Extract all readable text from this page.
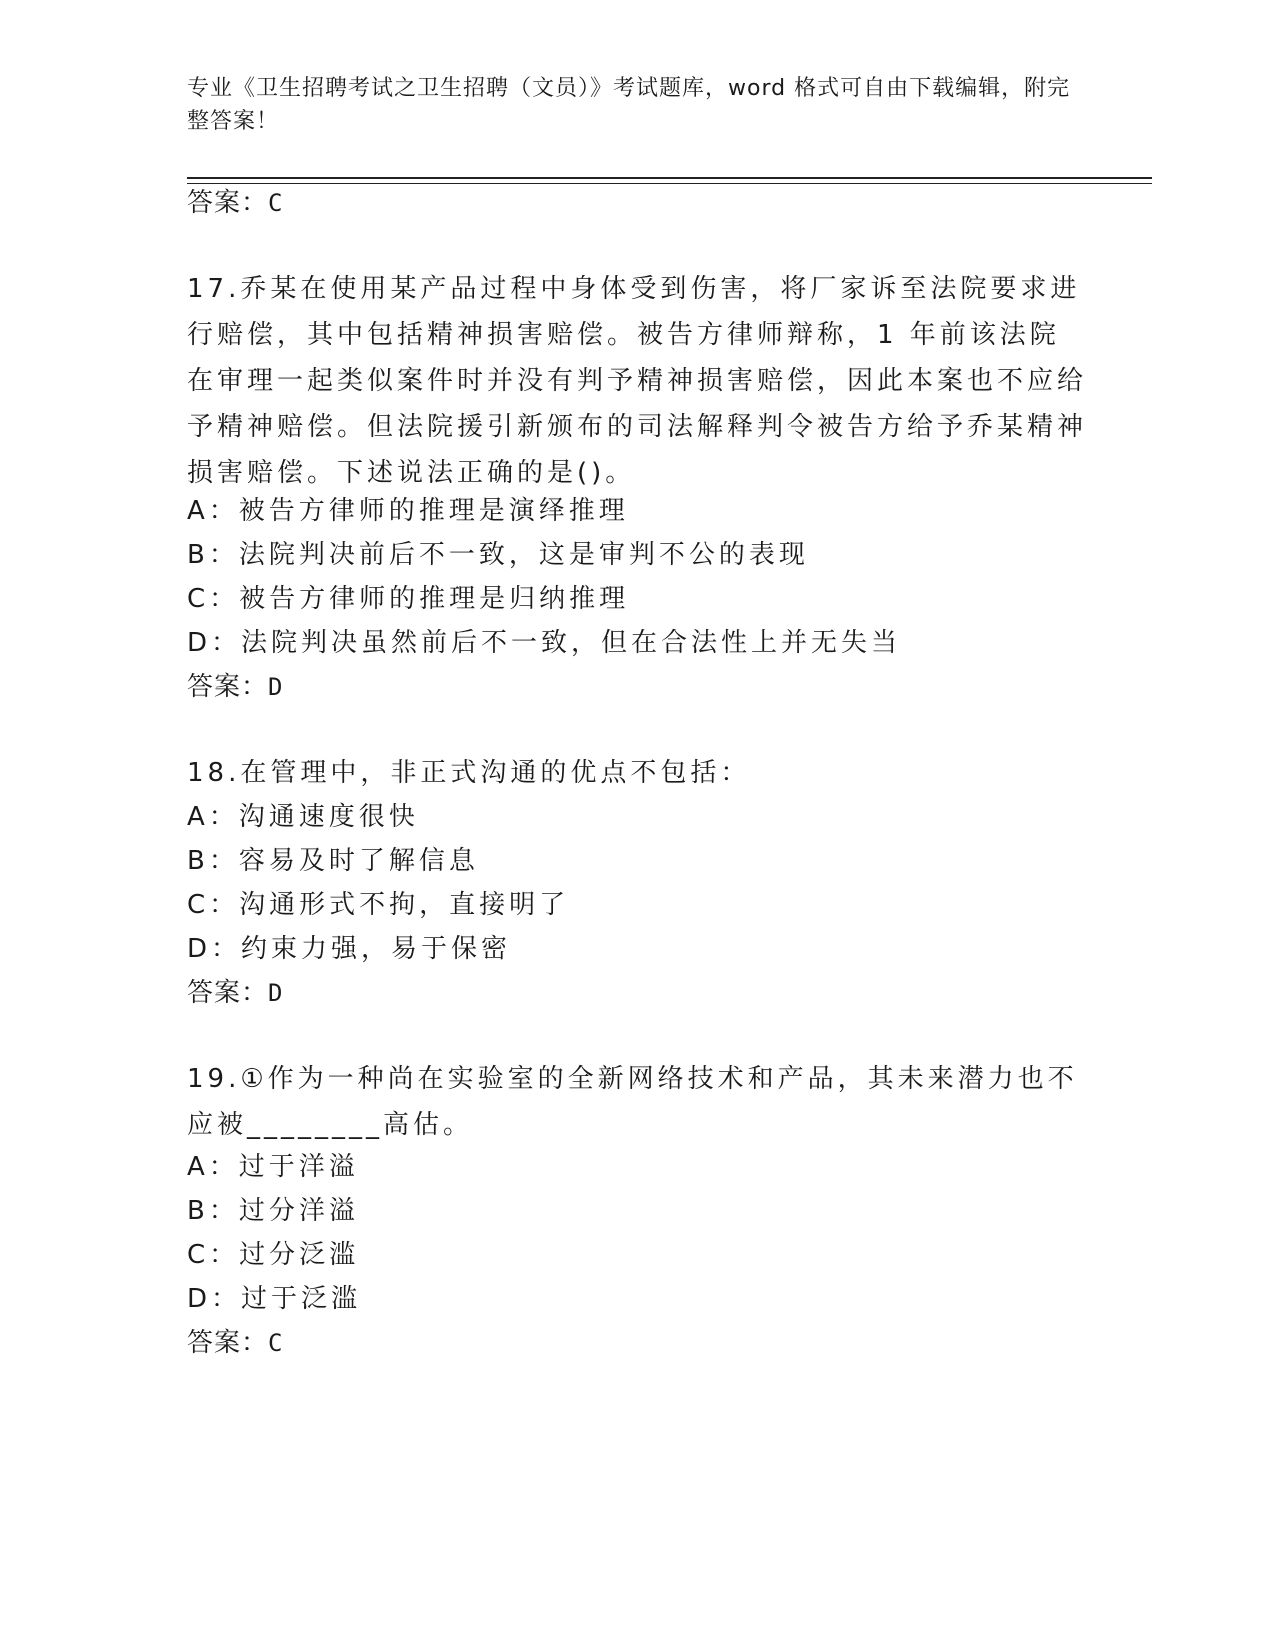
专业《卫生招聘考试之卫生招聘（文员）》考试题库，word 格式可自由下载编辑，附完整答案！
答案：C
17.乔某在使用某产品过程中身体受到伤害，将厂家诉至法院要求进行赔偿，其中包括精神损害赔偿。被告方律师辩称，1 年前该法院在审理一起类似案件时并没有判予精神损害赔偿，因此本案也不应给予精神赔偿。但法院援引新颁布的司法解释判令被告方给予乔某精神损害赔偿。下述说法正确的是()。
A：被告方律师的推理是演绎推理
B：法院判决前后不一致，这是审判不公的表现
C：被告方律师的推理是归纳推理
D：法院判决虽然前后不一致，但在合法性上并无失当
答案：D
18.在管理中，非正式沟通的优点不包括：
A：沟通速度很快
B：容易及时了解信息
C：沟通形式不拘，直接明了
D：约束力强，易于保密
答案：D
19.①作为一种尚在实验室的全新网络技术和产品，其未来潜力也不应被________高估。
A：过于洋溢
B：过分洋溢
C：过分泛滥
D：过于泛滥
答案：C
